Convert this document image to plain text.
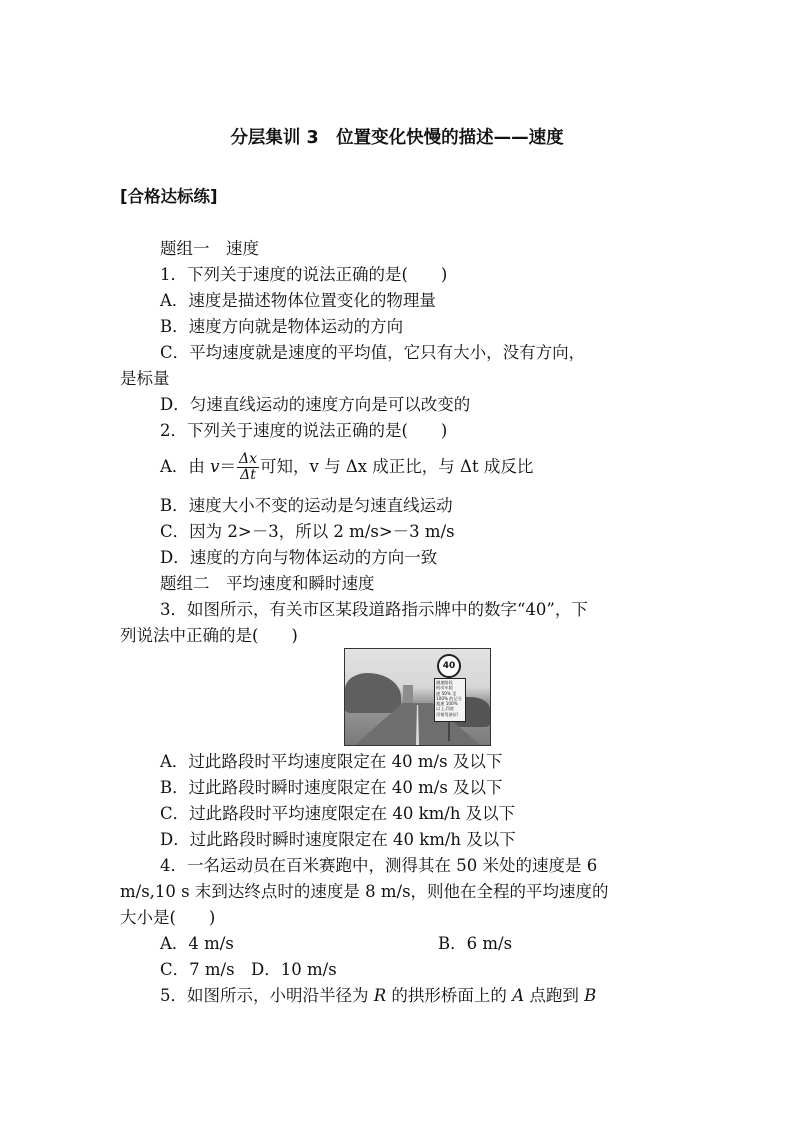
分层集训 3　位置变化快慢的描述——速度
[合格达标练]
题组一　速度
1．下列关于速度的说法正确的是(　　)
A．速度是描述物体位置变化的物理量
B．速度方向就是物体运动的方向
C．平均速度就是速度的平均值，它只有大小，没有方向，
是标量
D．匀速直线运动的速度方向是可以改变的
2．下列关于速度的说法正确的是(　　)
A．由 $v= \frac{\Delta x}{\Delta t}$ 可知，v 与 Δx 成正比，与 Δt 成反比
B．速度大小不变的运动是匀速直线运动
C．因为 2>－3，所以 2 m/s>－3 m/s
D．速度的方向与物体运动的方向一致
题组二　平均速度和瞬时速度
3．如图所示，有关市区某段道路指示牌中的数字“40”，下
列说法中正确的是(　　)
40
测速路段
机动车超
速 50% 至
100% 的记分
超速 100%
以上,罚款
吊销驾驶证!
A．过此路段时平均速度限定在 40 m/s 及以下
B．过此路段时瞬时速度限定在 40 m/s 及以下
C．过此路段时平均速度限定在 40 km/h 及以下
D．过此路段时瞬时速度限定在 40 km/h 及以下
4．一名运动员在百米赛跑中，测得其在 50 米处的速度是 6
m/s,10 s 末到达终点时的速度是 8 m/s，则他在全程的平均速度的
大小是(　　)
A．4 m/s	B．6 m/s
C．7 m/s　D．10 m/s
5．如图所示，小明沿半径为 R 的拱形桥面上的 A 点跑到 B
